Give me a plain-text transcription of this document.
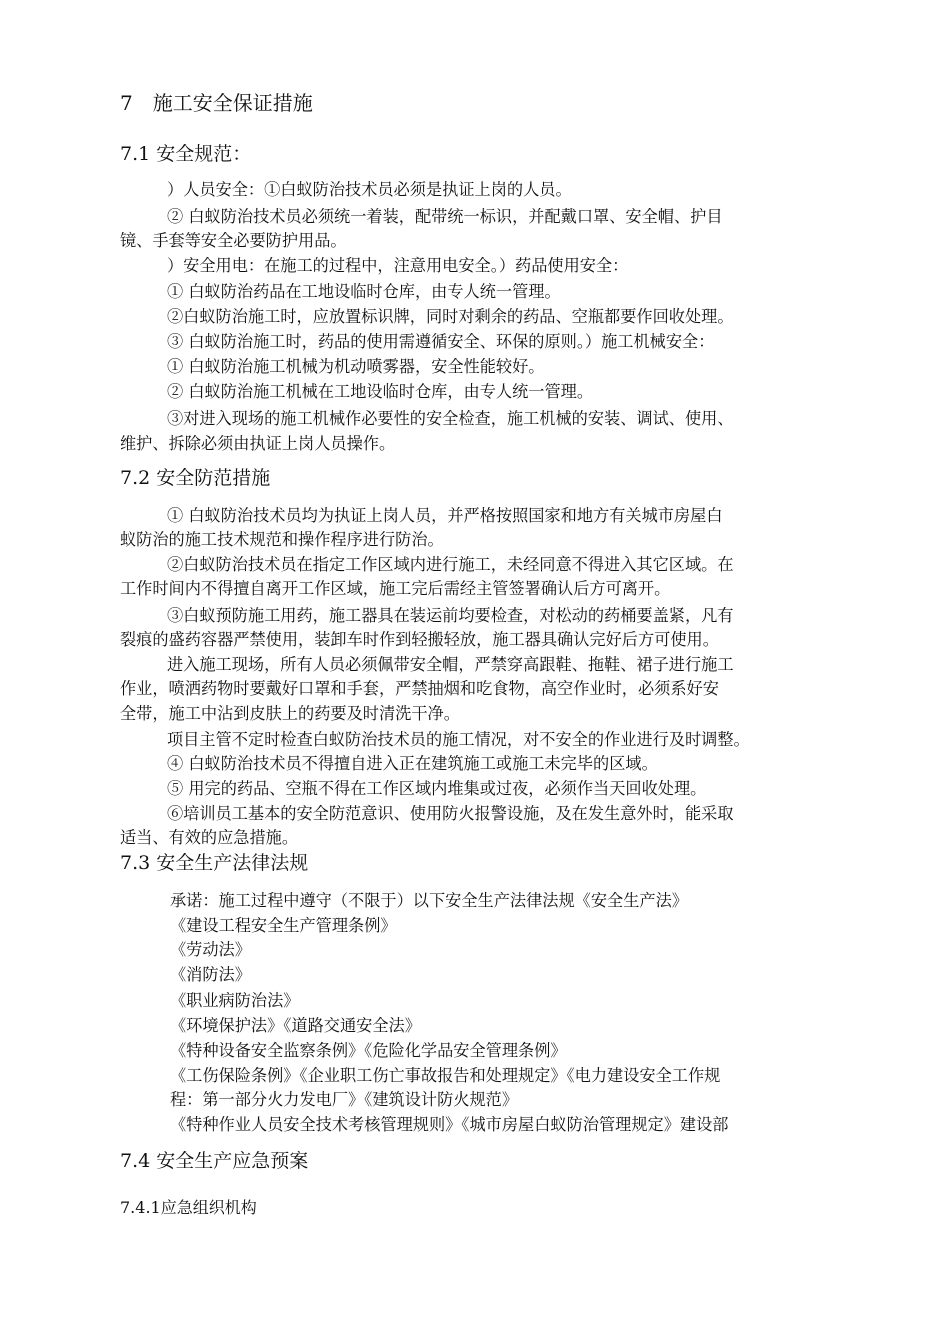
7　施工安全保证措施
7.1 安全规范：
）人员安全：①白蚁防治技术员必须是执证上岗的人员。
② 白蚁防治技术员必须统一着装，配带统一标识，并配戴口罩、安全帽、护目
镜、手套等安全必要防护用品。
）安全用电：在施工的过程中，注意用电安全。）药品使用安全：
① 白蚁防治药品在工地设临时仓库，由专人统一管理。
②白蚁防治施工时，应放置标识牌，同时对剩余的药品、空瓶都要作回收处理。
③ 白蚁防治施工时，药品的使用需遵循安全、环保的原则。）施工机械安全：
① 白蚁防治施工机械为机动喷雾器，安全性能较好。
② 白蚁防治施工机械在工地设临时仓库，由专人统一管理。
③对进入现场的施工机械作必要性的安全检查，施工机械的安装、调试、使用、
维护、拆除必须由执证上岗人员操作。
7.2 安全防范措施
① 白蚁防治技术员均为执证上岗人员，并严格按照国家和地方有关城市房屋白
蚁防治的施工技术规范和操作程序进行防治。
②白蚁防治技术员在指定工作区域内进行施工，未经同意不得进入其它区域。在
工作时间内不得擅自离开工作区域，施工完后需经主管签署确认后方可离开。
③白蚁预防施工用药，施工器具在装运前均要检查，对松动的药桶要盖紧，凡有
裂痕的盛药容器严禁使用，装卸车时作到轻搬轻放，施工器具确认完好后方可使用。
进入施工现场，所有人员必须佩带安全帽，严禁穿高跟鞋、拖鞋、裙子进行施工
作业，喷洒药物时要戴好口罩和手套，严禁抽烟和吃食物，高空作业时，必须系好安
全带，施工中沾到皮肤上的药要及时清洗干净。
项目主管不定时检查白蚁防治技术员的施工情况，对不安全的作业进行及时调整。
④ 白蚁防治技术员不得擅自进入正在建筑施工或施工未完毕的区域。
⑤ 用完的药品、空瓶不得在工作区域内堆集或过夜，必须作当天回收处理。
⑥培训员工基本的安全防范意识、使用防火报警设施，及在发生意外时，能采取
适当、有效的应急措施。
7.3 安全生产法律法规
承诺：施工过程中遵守（不限于）以下安全生产法律法规《安全生产法》
《建设工程安全生产管理条例》
《劳动法》
《消防法》
《职业病防治法》
《环境保护法》《道路交通安全法》
《特种设备安全监察条例》《危险化学品安全管理条例》
《工伤保险条例》《企业职工伤亡事故报告和处理规定》《电力建设安全工作规
程：第一部分火力发电厂》《建筑设计防火规范》
《特种作业人员安全技术考核管理规则》《城市房屋白蚁防治管理规定》建设部
7.4 安全生产应急预案
7.4.1应急组织机构
